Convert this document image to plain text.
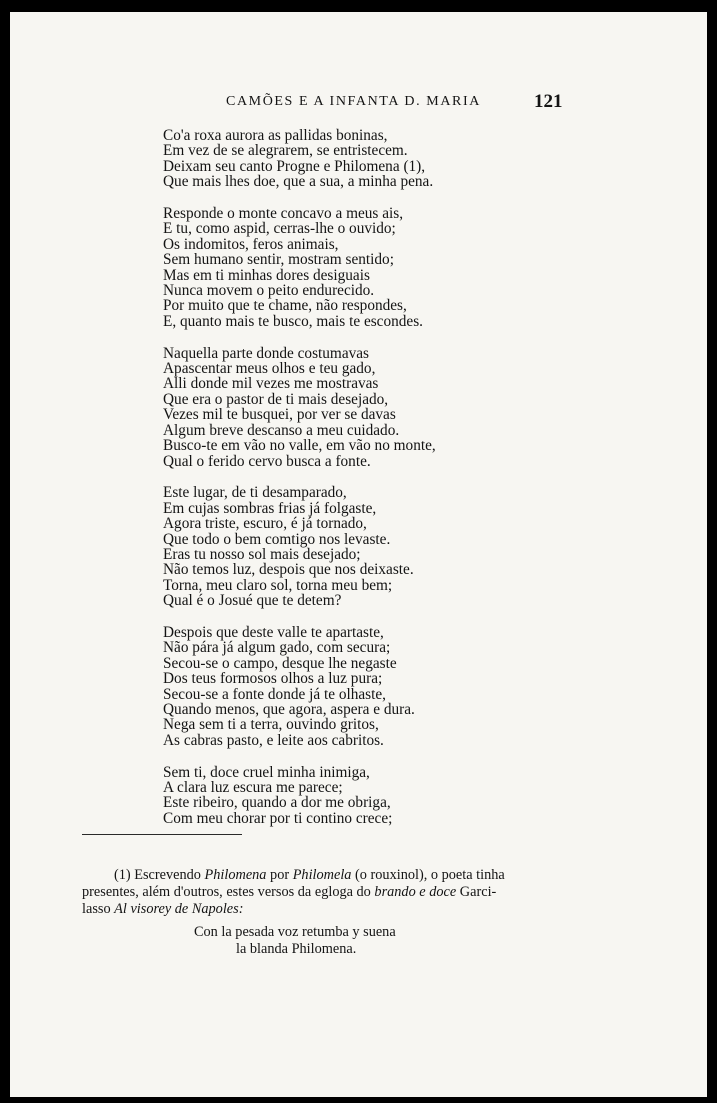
CAMÕES E A INFANTA D. MARIA	121
Co'a roxa aurora as pallidas boninas,
Em vez de se alegrarem, se entristecem.
Deixam seu canto Progne e Philomena (1),
Que mais lhes doe, que a sua, a minha pena.
Responde o monte concavo a meus ais,
E tu, como aspid, cerras-lhe o ouvido;
Os indomitos, feros animais,
Sem humano sentir, mostram sentido;
Mas em ti minhas dores desiguais
Nunca movem o peito endurecido.
Por muito que te chame, não respondes,
E, quanto mais te busco, mais te escondes.
Naquella parte donde costumavas
Apascentar meus olhos e teu gado,
Alli donde mil vezes me mostravas
Que era o pastor de ti mais desejado,
Vezes mil te busquei, por ver se davas
Algum breve descanso a meu cuidado.
Busco-te em vão no valle, em vão no monte,
Qual o ferido cervo busca a fonte.
Este lugar, de ti desamparado,
Em cujas sombras frias já folgaste,
Agora triste, escuro, é já tornado,
Que todo o bem comtigo nos levaste.
Eras tu nosso sol mais desejado;
Não temos luz, despois que nos deixaste.
Torna, meu claro sol, torna meu bem;
Qual é o Josué que te detem?
Despois que deste valle te apartaste,
Não pára já algum gado, com secura;
Secou-se o campo, desque lhe negaste
Dos teus formosos olhos a luz pura;
Secou-se a fonte donde já te olhaste,
Quando menos, que agora, aspera e dura.
Nega sem ti a terra, ouvindo gritos,
As cabras pasto, e leite aos cabritos.
Sem ti, doce cruel minha inimiga,
A clara luz escura me parece;
Este ribeiro, quando a dor me obriga,
Com meu chorar por ti contino crece;
(1) Escrevendo Philomena por Philomela (o rouxinol), o poeta tinha
presentes, além d'outros, estes versos da egloga do brando e doce Garci-
lasso Al visorey de Napoles:
Con la pesada voz retumba y suena
la blanda Philomena.
